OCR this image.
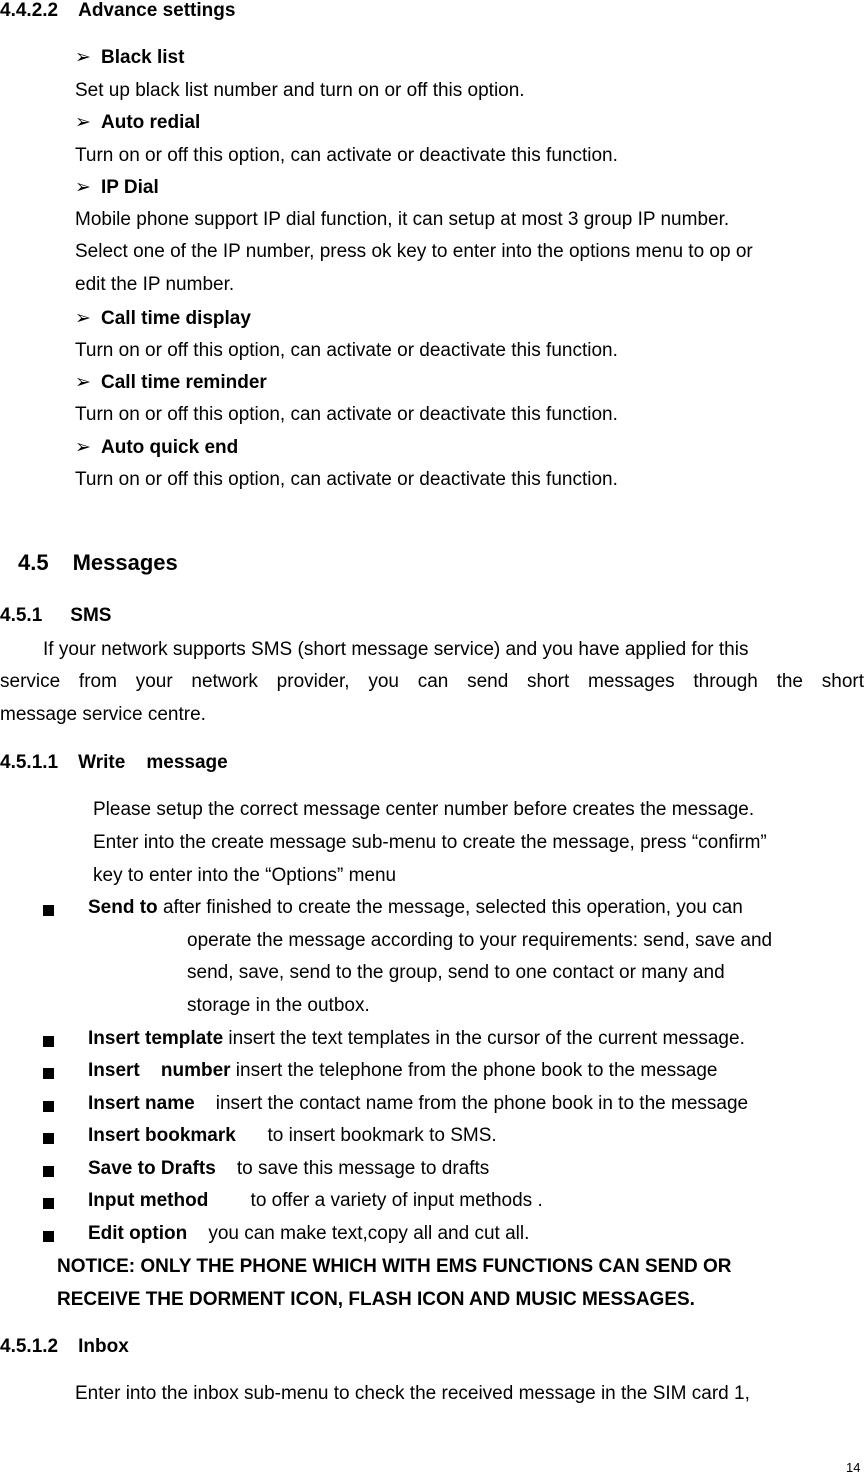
4.4.2.2 Advance settings
➢ Black list
Set up black list number and turn on or off this option.
➢ Auto redial
Turn on or off this option, can activate or deactivate this function.
➢ IP Dial
Mobile phone support IP dial function, it can setup at most 3 group IP number.
Select one of the IP number, press ok key to enter into the options menu to op or
edit the IP number.
➢ Call time display
Turn on or off this option, can activate or deactivate this function.
➢ Call time reminder
Turn on or off this option, can activate or deactivate this function.
➢ Auto quick end
Turn on or off this option, can activate or deactivate this function.
4.5 Messages
4.5.1 SMS
If your network supports SMS (short message service) and you have applied for this
service from your network provider, you can send short messages through the short
message service centre.
4.5.1.1 Write    message
Please setup the correct message center number before creates the message.
Enter into the create message sub-menu to create the message, press “confirm”
key to enter into the “Options” menu
Send to after finished to create the message, selected this operation, you can
operate the message according to your requirements: send, save and
send, save, send to the group, send to one contact or many and
storage in the outbox.
Insert template insert the text templates in the cursor of the current message.
Insert    number insert the telephone from the phone book to the message
Insert name    insert the contact name from the phone book in to the message
Insert bookmark      to insert bookmark to SMS.
Save to Drafts    to save this message to drafts
Input method        to offer a variety of input methods .
Edit option    you can make text,copy all and cut all.
NOTICE: ONLY THE PHONE WHICH WITH EMS FUNCTIONS CAN SEND OR
RECEIVE THE DORMENT ICON, FLASH ICON AND MUSIC MESSAGES.
4.5.1.2 Inbox
Enter into the inbox sub-menu to check the received message in the SIM card 1,
14
